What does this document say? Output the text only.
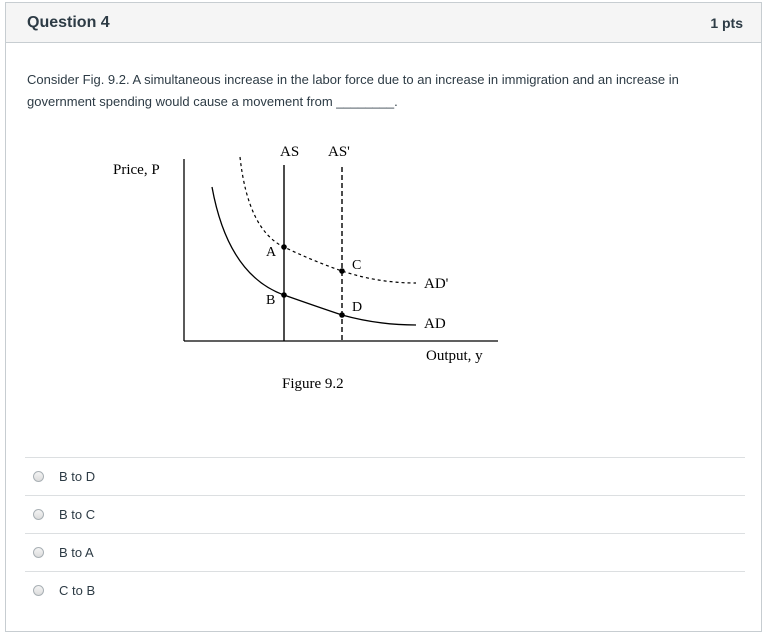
Question 4	1 pts
Consider Fig. 9.2. A simultaneous increase in the labor force due to an increase in immigration and an increase in government spending would cause a movement from ________.
Price, P
Output, y
AS AS'
AD'
AD
A
B
C
D
Figure 9.2
B to D
B to C
B to A
C to B
